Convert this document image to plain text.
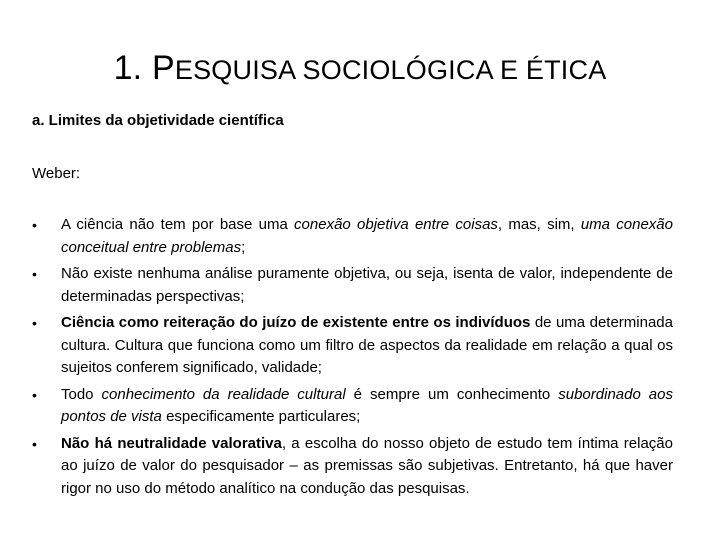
1. PESQUISA SOCIOLÓGICA E ÉTICA
a. Limites da objetividade científica
Weber:
• A ciência não tem por base uma conexão objetiva entre coisas, mas, sim, uma conexão conceitual entre problemas;
• Não existe nenhuma análise puramente objetiva, ou seja, isenta de valor, independente de determinadas perspectivas;
• Ciência como reiteração do juízo de existente entre os indivíduos de uma determinada cultura. Cultura que funciona como um filtro de aspectos da realidade em relação a qual os sujeitos conferem significado, validade;
• Todo conhecimento da realidade cultural é sempre um conhecimento subordinado aos pontos de vista especificamente particulares;
• Não há neutralidade valorativa, a escolha do nosso objeto de estudo tem íntima relação ao juízo de valor do pesquisador – as premissas são subjetivas. Entretanto, há que haver rigor no uso do método analítico na condução das pesquisas.
